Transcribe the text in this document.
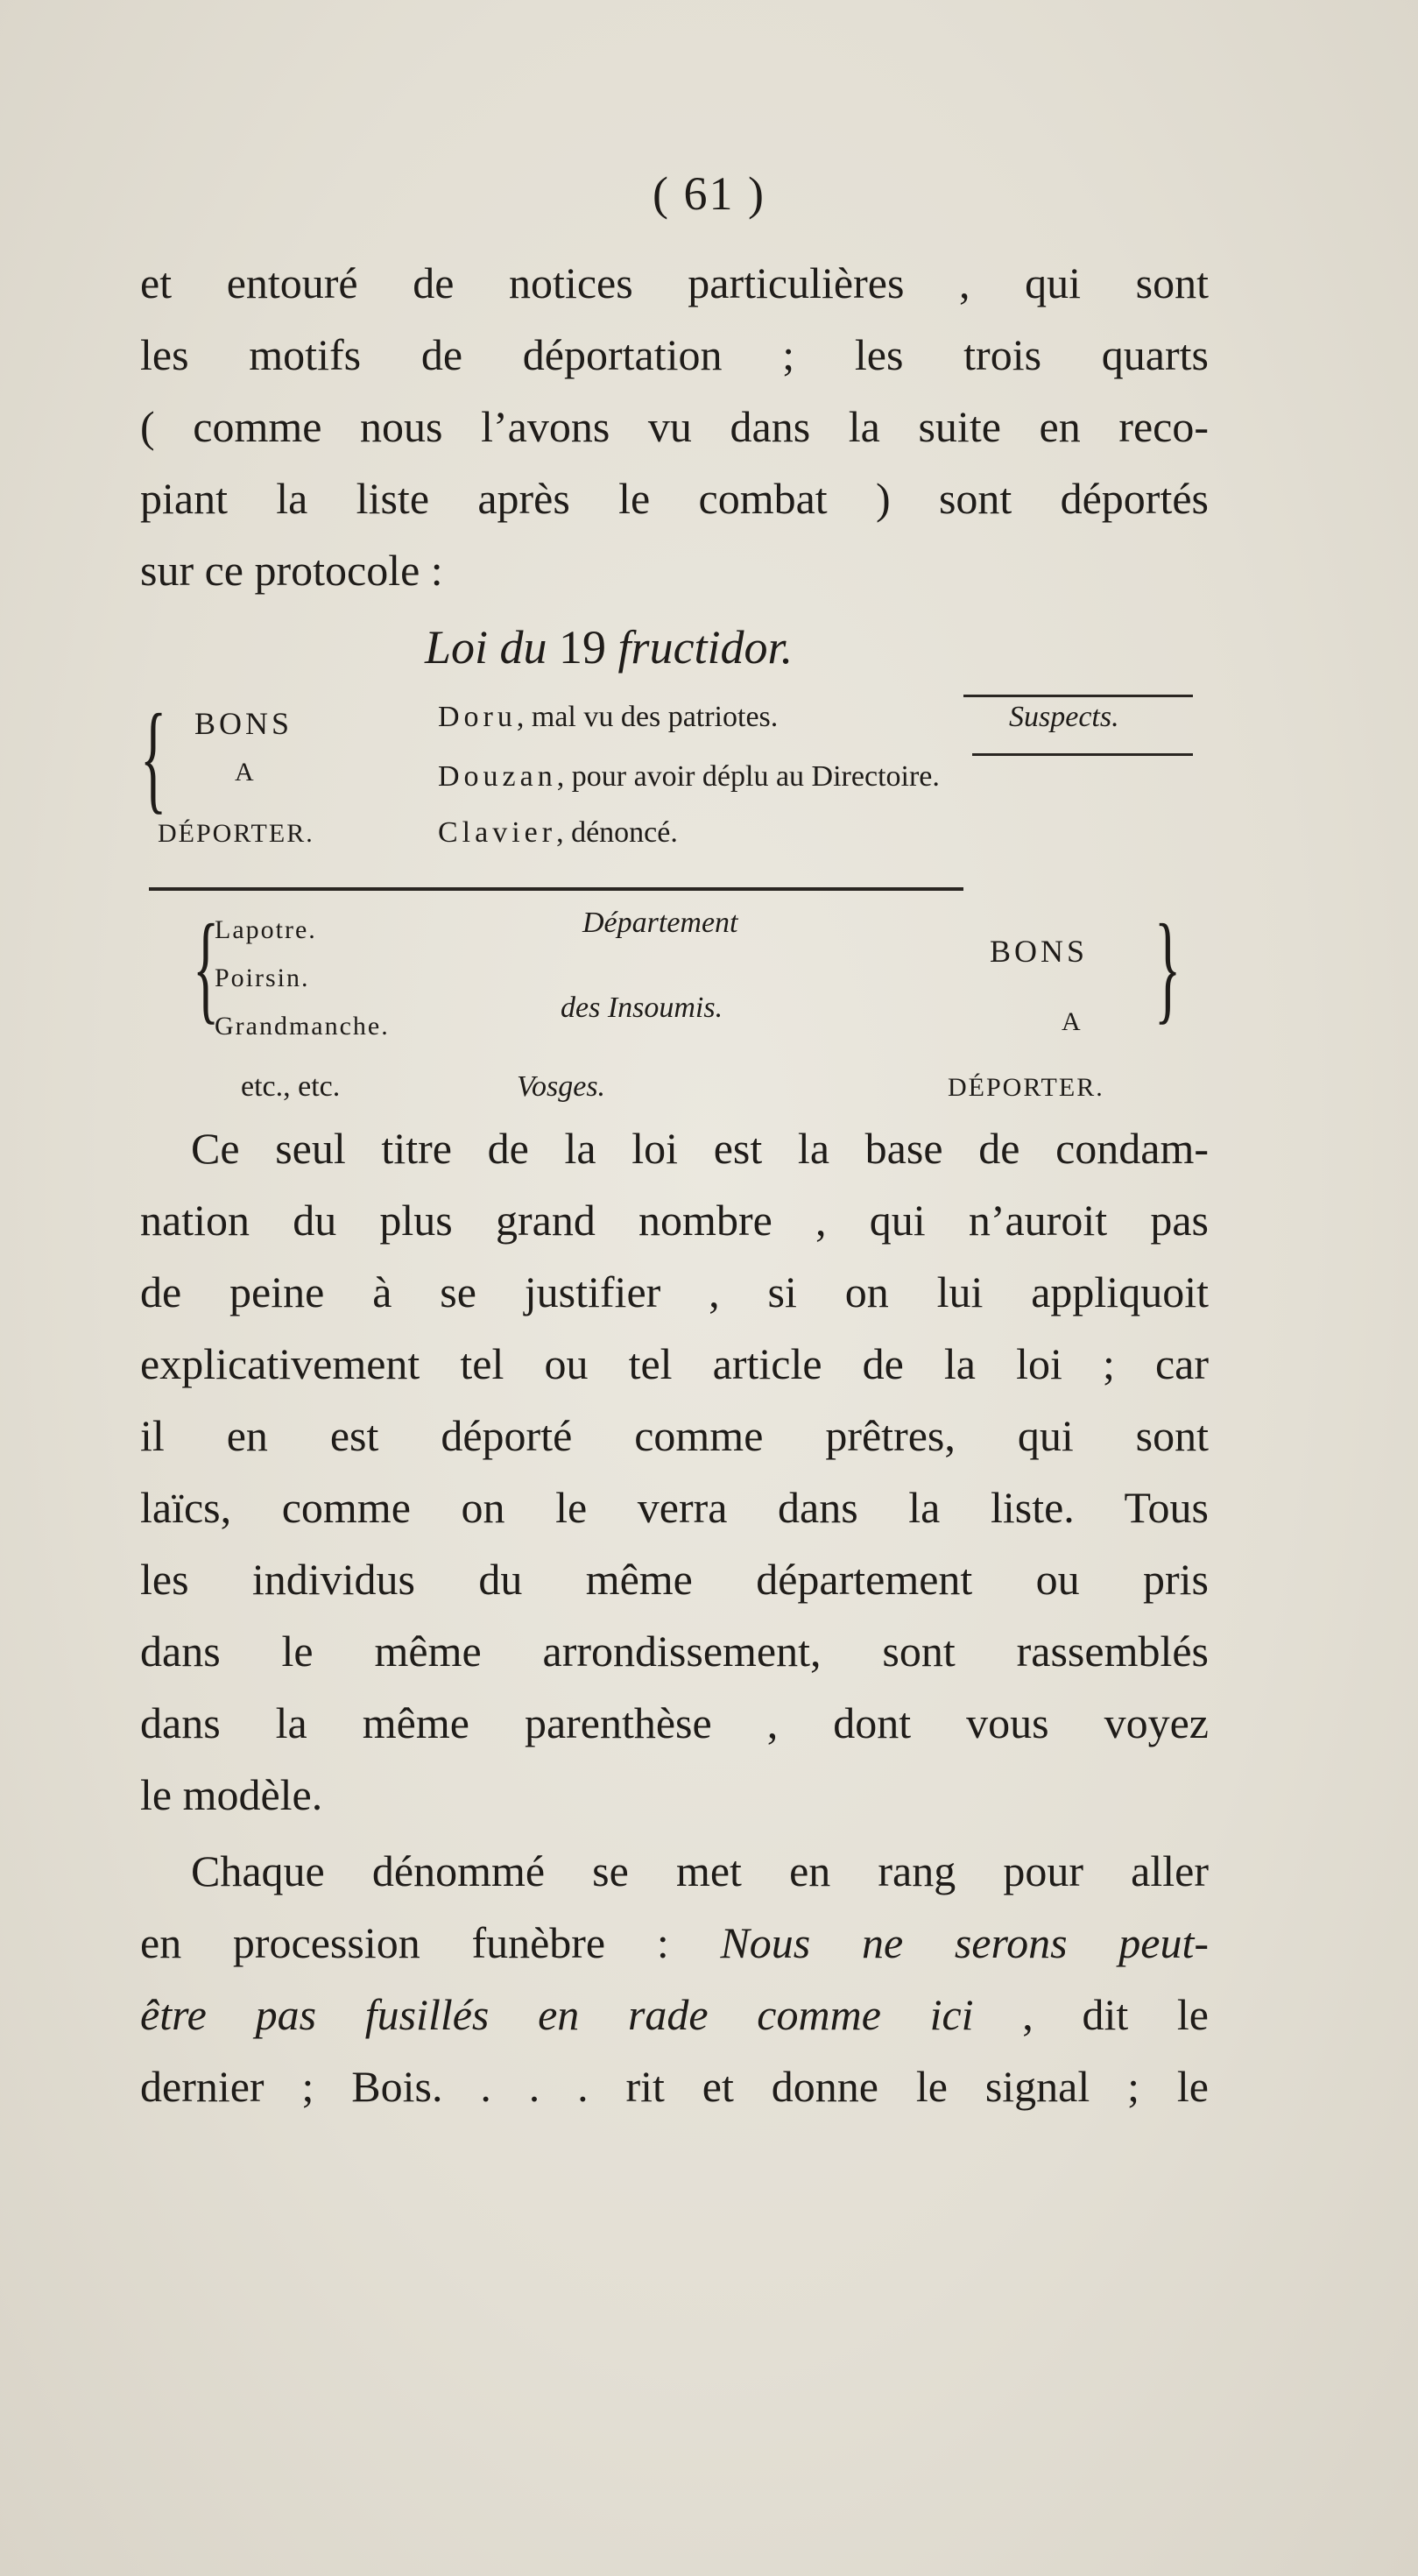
( 61 )
et entouré de notices particulières , qui sont
les motifs de déportation ; les trois quarts
( comme nous l’avons vu dans la suite en reco-
piant la liste après le combat ) sont déportés
sur ce protocole :
Loi du 19 fructidor.
{ BONS
A
DÉPORTER.
Doru, mal vu des patriotes.
Douzan, pour avoir déplu au Directoire.
Clavier, dénoncé.
Suspects.
{
Lapotre.
Poirsin.
Grandmanche.
etc., etc.
Département
des Insoumis.
Vosges.
BONS
A
DÉPORTER.
}
Ce seul titre de la loi est la base de condam-
nation du plus grand nombre , qui n’auroit pas
de peine à se justifier , si on lui appliquoit
explicativement tel ou tel article de la loi ; car
il en est déporté comme prêtres, qui sont
laïcs, comme on le verra dans la liste. Tous
les individus du même département ou pris
dans le même arrondissement, sont rassemblés
dans la même parenthèse , dont vous voyez
le modèle.
Chaque dénommé se met en rang pour aller
en procession funèbre : Nous ne serons peut-
être pas fusillés en rade comme ici , dit le
dernier ; Bois. . . . rit et donne le signal ; le
